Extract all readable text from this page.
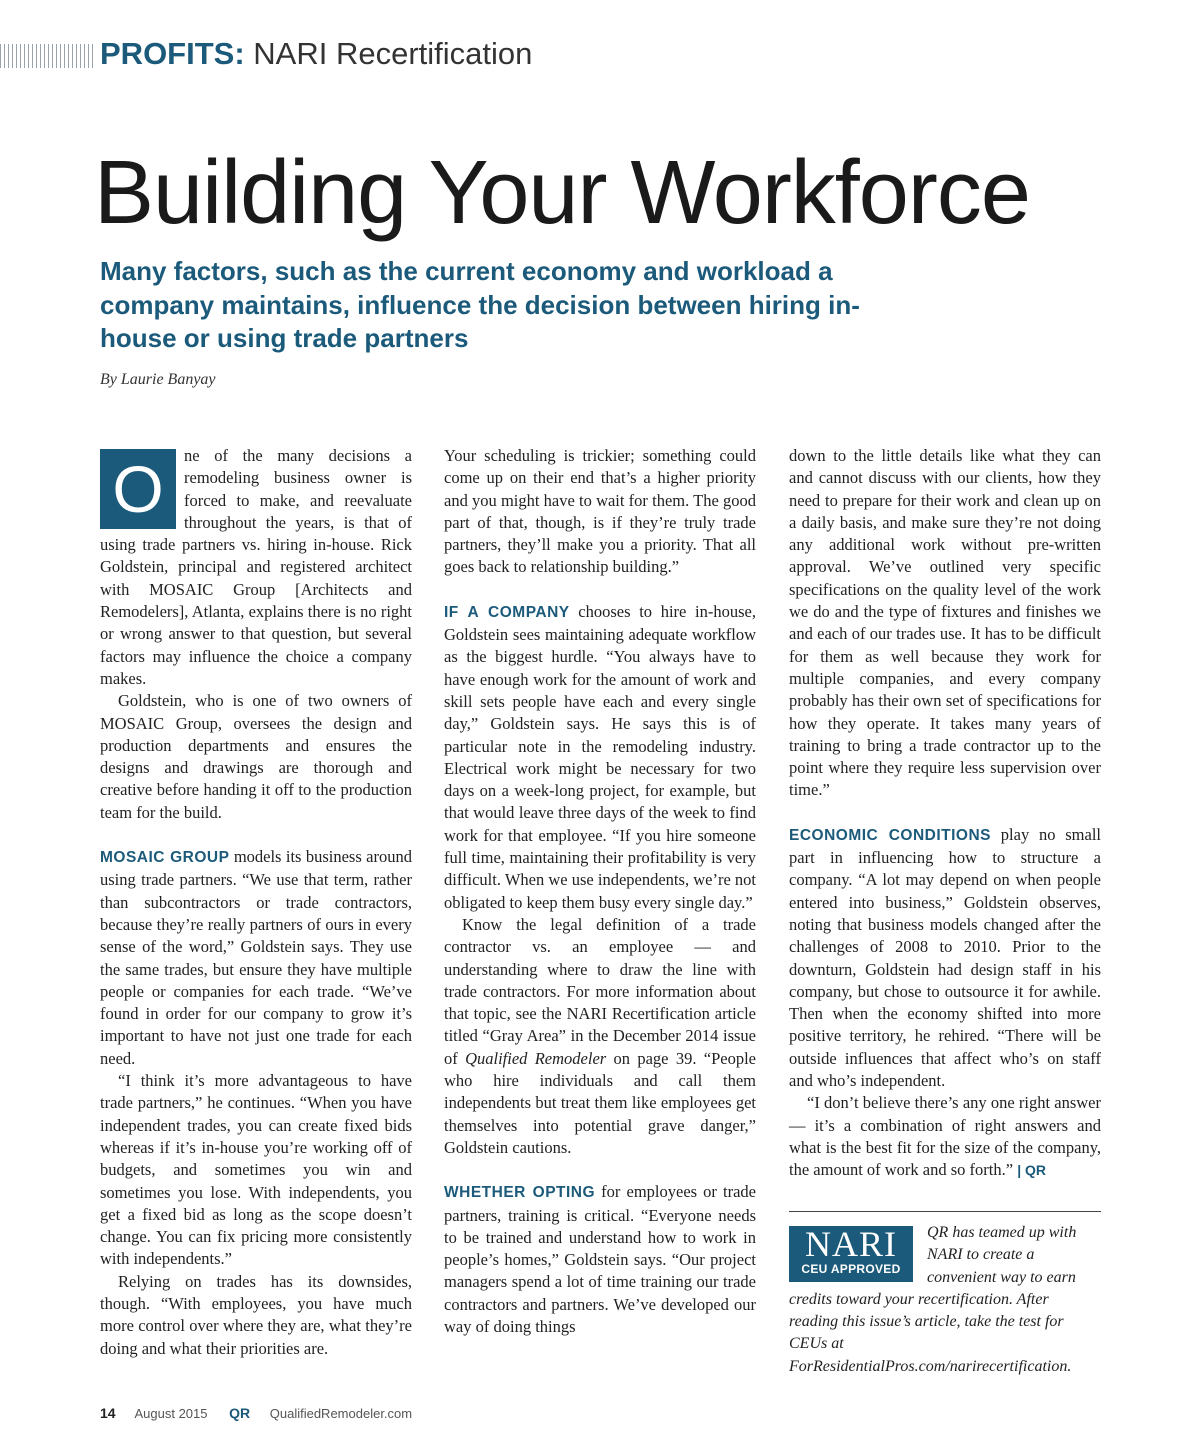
PROFITS: NARI Recertification
Building Your Workforce

Many factors, such as the current economy and workload a company maintains, influence the decision between hiring in-house or using trade partners

By Laurie Banyay

O	ne of the many decisions a remodeling business owner is forced to make, and reevaluate throughout the years, is that of using trade partners vs. hiring in-house. Rick Goldstein, principal and registered architect with MOSAIC Group [Architects and Remodelers], Atlanta, explains there is no right or wrong answer to that question, but several factors may influence the choice a company makes.

Goldstein, who is one of two owners of MOSAIC Group, oversees the design and production departments and ensures the designs and drawings are thorough and creative before handing it off to the production team for the build.

MOSAIC GROUP models its business around using trade partners. “We use that term, rather than subcontractors or trade contractors, because they’re really partners of ours in every sense of the word,” Goldstein says. They use the same trades, but ensure they have multiple people or companies for each trade. “We’ve found in order for our company to grow it’s important to have not just one trade for each need.

“I think it’s more advantageous to have trade partners,” he continues. “When you have independent trades, you can create fixed bids whereas if it’s in-house you’re working off of budgets, and sometimes you win and sometimes you lose. With independents, you get a fixed bid as long as the scope doesn’t change. You can fix pricing more consistently with independents.”

Relying on trades has its downsides, though. “With employees, you have much more control over where they are, what they’re doing and what their priorities are.

Your scheduling is trickier; something could come up on their end that’s a higher priority and you might have to wait for them. The good part of that, though, is if they’re truly trade partners, they’ll make you a priority. That all goes back to relationship building.”

IF A COMPANY chooses to hire in-house, Goldstein sees maintaining adequate workflow as the biggest hurdle. “You always have to have enough work for the amount of work and skill sets people have each and every single day,” Goldstein says. He says this is of particular note in the remodeling industry. Electrical work might be necessary for two days on a week-long project, for example, but that would leave three days of the week to find work for that employee. “If you hire someone full time, maintaining their profitability is very difficult. When we use independents, we’re not obligated to keep them busy every single day.”

Know the legal definition of a trade contractor vs. an employee — and understanding where to draw the line with trade contractors. For more information about that topic, see the NARI Recertification article titled “Gray Area” in the December 2014 issue of Qualified Remodeler on page 39. “People who hire individuals and call them independents but treat them like employees get themselves into potential grave danger,” Goldstein cautions.

WHETHER OPTING for employees or trade partners, training is critical. “Everyone needs to be trained and understand how to work in people’s homes,” Goldstein says. “Our project managers spend a lot of time training our trade contractors and partners. We’ve developed our way of doing things

down to the little details like what they can and cannot discuss with our clients, how they need to prepare for their work and clean up on a daily basis, and make sure they’re not doing any additional work without pre-written approval. We’ve outlined very specific specifications on the quality level of the work we do and the type of fixtures and finishes we and each of our trades use. It has to be difficult for them as well because they work for multiple companies, and every company probably has their own set of specifications for how they operate. It takes many years of training to bring a trade contractor up to the point where they require less supervision over time.”

ECONOMIC CONDITIONS play no small part in influencing how to structure a company. “A lot may depend on when people entered into business,” Goldstein observes, noting that business models changed after the challenges of 2008 to 2010. Prior to the downturn, Goldstein had design staff in his company, but chose to outsource it for awhile. Then when the economy shifted into more positive territory, he rehired. “There will be outside influences that affect who’s on staff and who’s independent.

“I don’t believe there’s any one right answer — it’s a combination of right answers and what is the best fit for the size of the company, the amount of work and so forth.” | QR

NARI
CEU APPROVED
QR has teamed up with NARI to create a convenient way to earn credits toward your recertification. After reading this issue’s article, take the test for CEUs at ForResidentialPros.com/narirecertification.
14 August 2015 QR QualifiedRemodeler.com
